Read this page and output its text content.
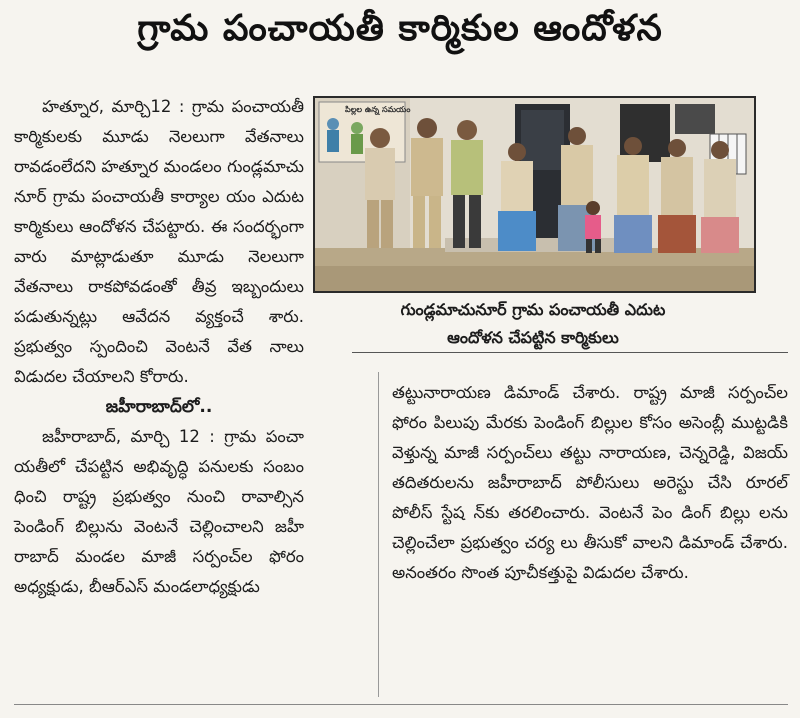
గ్రామ పంచాయతీ కార్మికుల ఆందోళన

హత్నూర, మార్చి12 : గ్రామ పంచాయతీ కార్మికులకు మూడు నెలలుగా వేతనాలు రావడంలేదని హత్నూర మండలం గుండ్లమాచు నూర్ గ్రామ పంచాయతీ కార్యాల యం ఎదుట కార్మికులు ఆందోళన చేపట్టారు. ఈ సందర్భంగా వారు మాట్లాడుతూ మూడు నెలలుగా వేతనాలు రాకపోవడంతో తీవ్ర ఇబ్బందులు పడుతున్నట్లు ఆవేదన వ్యక్తంచే శారు. ప్రభుత్వం స్పందించి వెంటనే వేత నాలు విడుదల చేయాలని కోరారు.

జహీరాబాద్‌లో..

జహీరాబాద్, మార్చి 12 : గ్రామ పంచా యతీలో చేపట్టిన అభివృద్ధి పనులకు సంబం ధించి రాష్ట్ర ప్రభుత్వం నుంచి రావాల్సిన పెండింగ్ బిల్లును వెంటనే చెల్లించాలని జహీ రాబాద్ మండల మాజీ సర్పంచ్‌ల ఫోరం అధ్యక్షుడు, బీఆర్ఎస్ మండలాధ్యక్షుడు

పిల్లల ఉన్న సమయం
గుండ్లమాచునూర్ గ్రామ పంచాయతీ ఎదుట
ఆందోళన చేపట్టిన కార్మికులు

తట్టునారాయణ డిమాండ్ చేశారు. రాష్ట్ర మాజీ సర్పంచ్‌ల ఫోరం పిలుపు మేరకు పెండింగ్ బిల్లుల కోసం అసెంబ్లీ ముట్టడికి వెళ్తున్న మాజీ సర్పంచ్‌లు తట్టు నారాయణ, చెన్నరెడ్డి, విజయ్ తదితరులను జహీరాబాద్ పోలీసులు అరెస్టు చేసి రూరల్ పోలీస్ స్టేష న్‌కు తరలించారు. వెంటనే పెం డింగ్ బిల్లు లను చెల్లించేలా ప్రభుత్వం చర్య లు తీసుకో వాలని డిమాండ్ చేశారు. అనంతరం సొంత పూచీకత్తుపై విడుదల చేశారు.
